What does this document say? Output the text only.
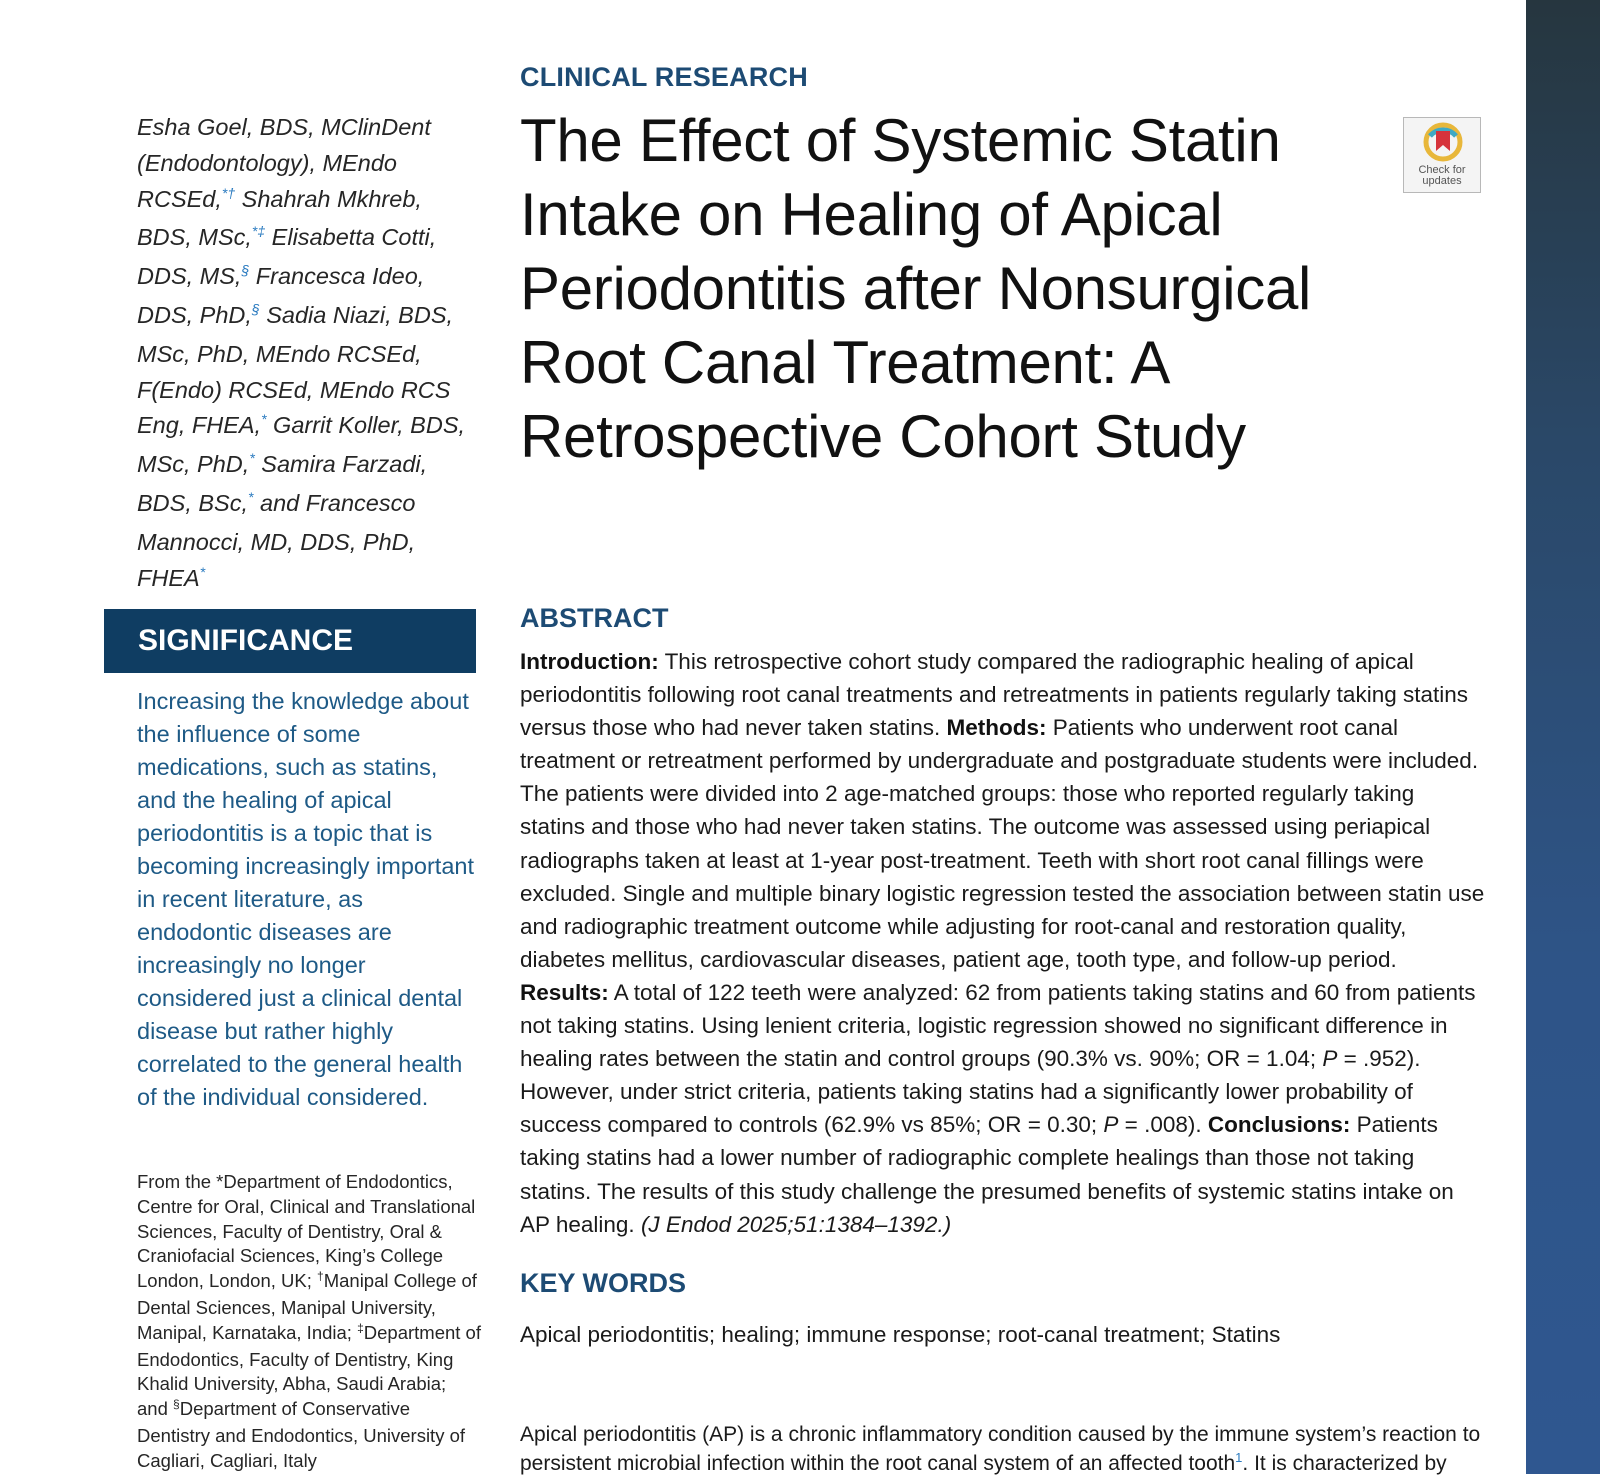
CLINICAL RESEARCH
The Effect of Systemic Statin Intake on Healing of Apical Periodontitis after Nonsurgical Root Canal Treatment: A Retrospective Cohort Study
Check for
updates
Esha Goel, BDS, MClinDent (Endodontology), MEndo RCSEd,*† Shahrah Mkhreb, BDS, MSc,*‡ Elisabetta Cotti, DDS, MS,§ Francesca Ideo, DDS, PhD,§ Sadia Niazi, BDS, MSc, PhD, MEndo RCSEd, F(Endo) RCSEd, MEndo RCS Eng, FHEA,* Garrit Koller, BDS, MSc, PhD,* Samira Farzadi, BDS, BSc,* and Francesco Mannocci, MD, DDS, PhD, FHEA*
SIGNIFICANCE
Increasing the knowledge about the influence of some medications, such as statins, and the healing of apical periodontitis is a topic that is becoming increasingly important in recent literature, as endodontic diseases are increasingly no longer considered just a clinical dental disease but rather highly correlated to the general health of the individual considered.
From the *Department of Endodontics, Centre for Oral, Clinical and Translational Sciences, Faculty of Dentistry, Oral & Craniofacial Sciences, King’s College London, London, UK; †Manipal College of Dental Sciences, Manipal University, Manipal, Karnataka, India; ‡Department of Endodontics, Faculty of Dentistry, King Khalid University, Abha, Saudi Arabia; and §Department of Conservative Dentistry and Endodontics, University of Cagliari, Cagliari, Italy
ABSTRACT
Introduction: This retrospective cohort study compared the radiographic healing of apical periodontitis following root canal treatments and retreatments in patients regularly taking statins versus those who had never taken statins. Methods: Patients who underwent root canal treatment or retreatment performed by undergraduate and postgraduate students were included. The patients were divided into 2 age-matched groups: those who reported regularly taking statins and those who had never taken statins. The outcome was assessed using periapical radiographs taken at least at 1-year post-treatment. Teeth with short root canal fillings were excluded. Single and multiple binary logistic regression tested the association between statin use and radiographic treatment outcome while adjusting for root-canal and restoration quality, diabetes mellitus, cardiovascular diseases, patient age, tooth type, and follow-up period. Results: A total of 122 teeth were analyzed: 62 from patients taking statins and 60 from patients not taking statins. Using lenient criteria, logistic regression showed no significant difference in healing rates between the statin and control groups (90.3% vs. 90%; OR = 1.04; P = .952). However, under strict criteria, patients taking statins had a significantly lower probability of success compared to controls (62.9% vs 85%; OR = 0.30; P = .008). Conclusions: Patients taking statins had a lower number of radiographic complete healings than those not taking statins. The results of this study challenge the presumed benefits of systemic statins intake on AP healing. (J Endod 2025;51:1384–1392.)
KEY WORDS
Apical periodontitis; healing; immune response; root-canal treatment; Statins
Apical periodontitis (AP) is a chronic inflammatory condition caused by the immune system’s reaction to persistent microbial infection within the root canal system of an affected tooth$^1$. It is characterized by
